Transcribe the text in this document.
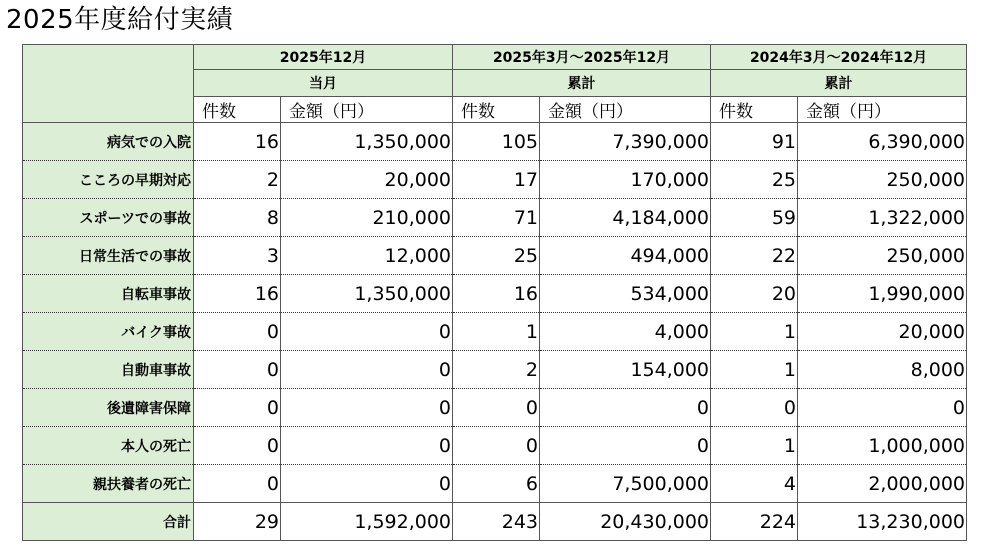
2025年度給付実績
	2025年12月		2025年3月～2025年12月		2024年3月～2024年12月	
	当月		累計		累計	
	件数	金額（円）	件数	金額（円）	件数	金額（円）
病気での入院	16	1,350,000	105	7,390,000	91	6,390,000
こころの早期対応	2	20,000	17	170,000	25	250,000
スポーツでの事故	8	210,000	71	4,184,000	59	1,322,000
日常生活での事故	3	12,000	25	494,000	22	250,000
自転車事故	16	1,350,000	16	534,000	20	1,990,000
バイク事故	0	0	1	4,000	1	20,000
自動車事故	0	0	2	154,000	1	8,000
後遺障害保障	0	0	0	0	0	0
本人の死亡	0	0	0	0	1	1,000,000
親扶養者の死亡	0	0	6	7,500,000	4	2,000,000
合計	29	1,592,000	243	20,430,000	224	13,230,000
